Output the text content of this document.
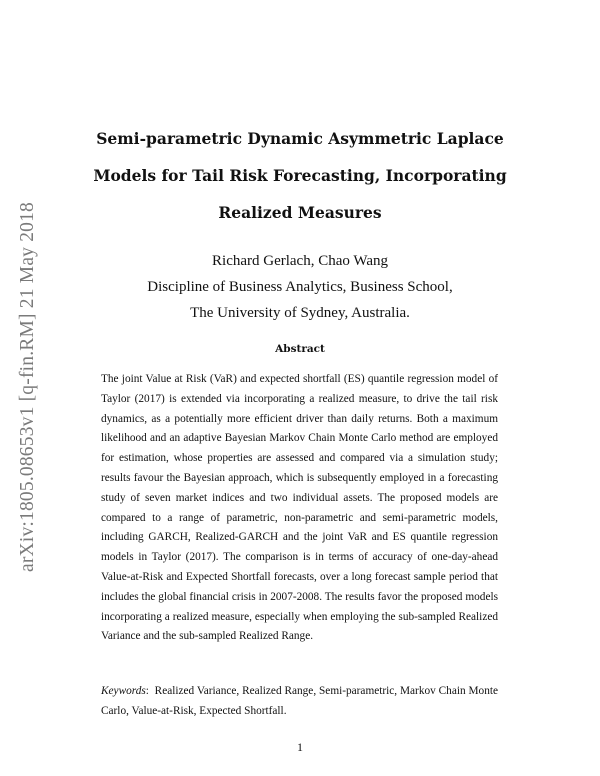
arXiv:1805.08653v1 [q-fin.RM] 21 May 2018
Semi-parametric Dynamic Asymmetric Laplace
Models for Tail Risk Forecasting, Incorporating
Realized Measures
Richard Gerlach, Chao Wang
Discipline of Business Analytics, Business School,
The University of Sydney, Australia.
Abstract

The joint Value at Risk (VaR) and expected shortfall (ES) quantile regression model of Taylor (2017) is extended via incorporating a realized measure, to drive the tail risk dynamics, as a potentially more efficient driver than daily returns. Both a maximum likelihood and an adaptive Bayesian Markov Chain Monte Carlo method are employed for estimation, whose properties are assessed and compared via a simulation study; results favour the Bayesian approach, which is subsequently employed in a forecasting study of seven market indices and two individual assets. The proposed models are compared to a range of parametric, non-parametric and semi-parametric models, including GARCH, Realized-GARCH and the joint VaR and ES quantile regression models in Taylor (2017). The comparison is in terms of accuracy of one-day-ahead Value-at-Risk and Expected Shortfall forecasts, over a long forecast sample period that includes the global financial crisis in 2007-2008. The results favor the proposed models incorporating a realized measure, especially when employing the sub-sampled Realized Variance and the sub-sampled Realized Range.

Keywords: Realized Variance, Realized Range, Semi-parametric, Markov Chain Monte Carlo, Value-at-Risk, Expected Shortfall.

1
